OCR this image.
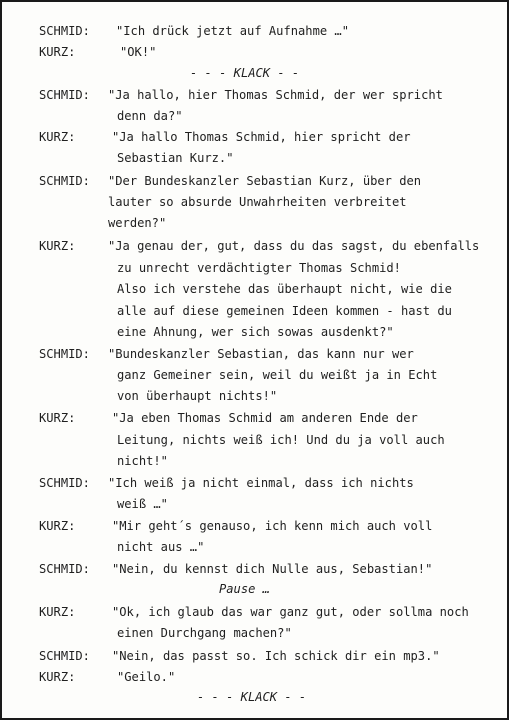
SCHMID: "Ich drück jetzt auf Aufnahme …"
KURZ:	"OK!"
- - - KLACK - -
SCHMID: "Ja hallo, hier Thomas Schmid, der wer spricht
denn da?"
KURZ:	"Ja hallo Thomas Schmid, hier spricht der
Sebastian Kurz."
SCHMID: "Der Bundeskanzler Sebastian Kurz, über den
lauter so absurde Unwahrheiten verbreitet
werden?"
KURZ:	"Ja genau der, gut, dass du das sagst, du ebenfalls
zu unrecht verdächtigter Thomas Schmid!
Also ich verstehe das überhaupt nicht, wie die
alle auf diese gemeinen Ideen kommen - hast du
eine Ahnung, wer sich sowas ausdenkt?"
SCHMID: "Bundeskanzler Sebastian, das kann nur wer
ganz Gemeiner sein, weil du weißt ja in Echt
von überhaupt nichts!"
KURZ:	"Ja eben Thomas Schmid am anderen Ende der
Leitung, nichts weiß ich! Und du ja voll auch
nicht!"
SCHMID: "Ich weiß ja nicht einmal, dass ich nichts
weiß …"
KURZ:	"Mir geht´s genauso, ich kenn mich auch voll
nicht aus …"
SCHMID: "Nein, du kennst dich Nulle aus, Sebastian!"
Pause …
KURZ:	"Ok, ich glaub das war ganz gut, oder sollma noch
einen Durchgang machen?"
SCHMID: "Nein, das passt so. Ich schick dir ein mp3."
KURZ:	"Geilo."
- - - KLACK - -
